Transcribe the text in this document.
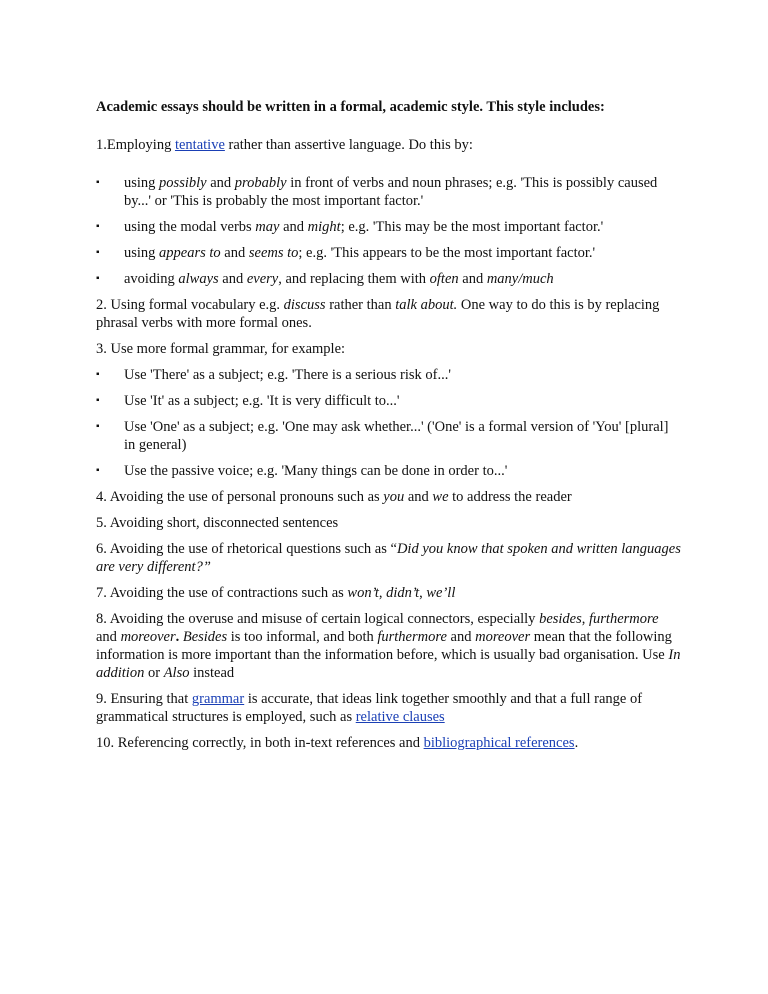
Academic essays should be written in a formal, academic style. This style includes:

1.Employing tentative rather than assertive language. Do this by:

▪	using possibly and probably in front of verbs and noun phrases; e.g. 'This is possibly caused by...' or 'This is probably the most important factor.'
▪	using the modal verbs may and might; e.g. 'This may be the most important factor.'
▪	using appears to and seems to; e.g. 'This appears to be the most important factor.'
▪	avoiding always and every, and replacing them with often and many/much

2. Using formal vocabulary e.g. discuss rather than talk about. One way to do this is by replacing phrasal verbs with more formal ones.

3. Use more formal grammar, for example:

▪	Use 'There' as a subject; e.g. 'There is a serious risk of...'
▪	Use 'It' as a subject; e.g. 'It is very difficult to...'
▪	Use 'One' as a subject; e.g. 'One may ask whether...' ('One' is a formal version of 'You' [plural] in general)
▪	Use the passive voice; e.g. 'Many things can be done in order to...'

4. Avoiding the use of personal pronouns such as you and we to address the reader

5. Avoiding short, disconnected sentences

6. Avoiding the use of rhetorical questions such as “Did you know that spoken and written languages are very different?”

7. Avoiding the use of contractions such as won’t, didn’t, we’ll

8. Avoiding the overuse and misuse of certain logical connectors, especially besides, furthermore and moreover. Besides is too informal, and both furthermore and moreover mean that the following information is more important than the information before, which is usually bad organisation. Use In addition or Also instead

9. Ensuring that grammar is accurate, that ideas link together smoothly and that a full range of grammatical structures is employed, such as relative clauses

10. Referencing correctly, in both in-text references and bibliographical references.
